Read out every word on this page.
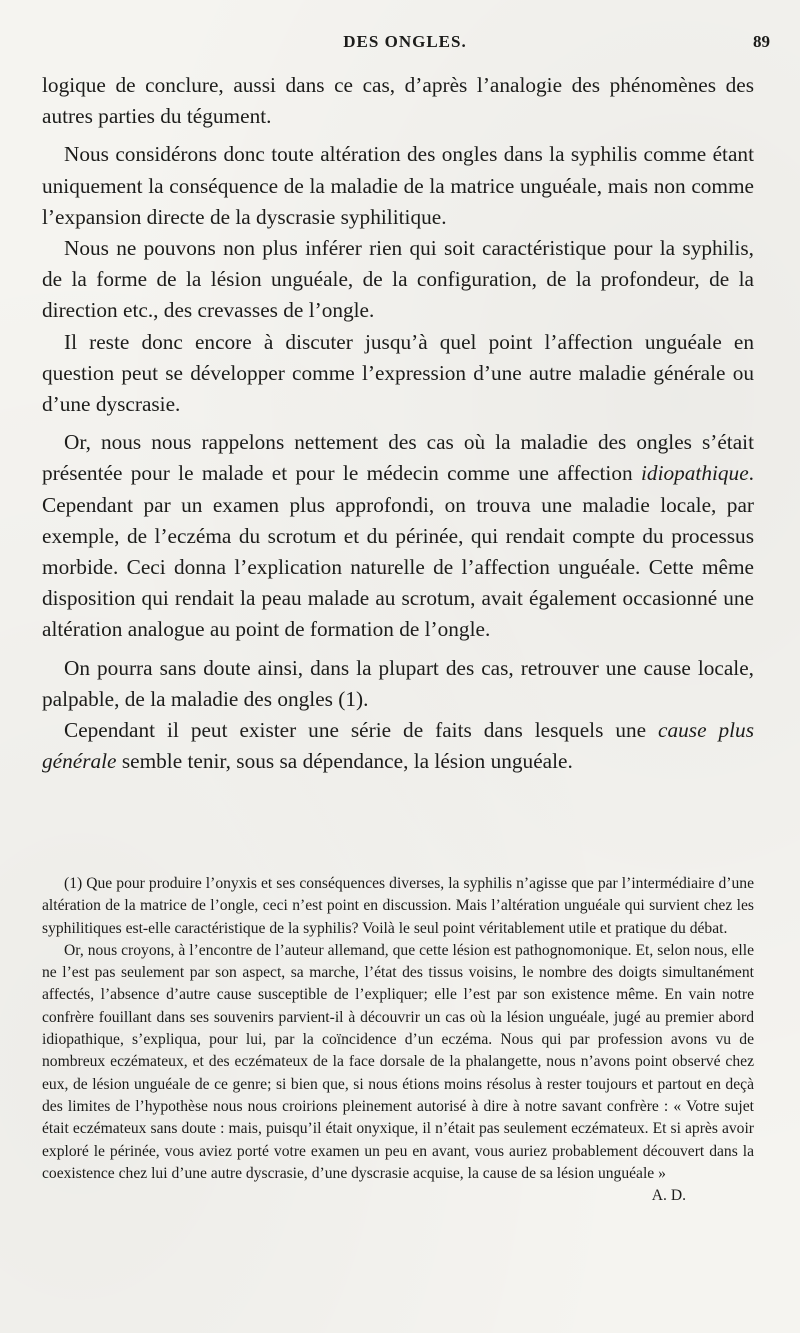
DES ONGLES.	89

logique de conclure, aussi dans ce cas, d’après l’analogie des phénomènes des autres parties du tégument.

Nous considérons donc toute altération des ongles dans la syphilis comme étant uniquement la conséquence de la maladie de la matrice unguéale, mais non comme l’expansion directe de la dyscrasie syphilitique.

Nous ne pouvons non plus inférer rien qui soit caractéristique pour la syphilis, de la forme de la lésion unguéale, de la configuration, de la profondeur, de la direction etc., des crevasses de l’ongle.

Il reste donc encore à discuter jusqu’à quel point l’affection unguéale en question peut se développer comme l’expression d’une autre maladie générale ou d’une dyscrasie.

Or, nous nous rappelons nettement des cas où la maladie des ongles s’était présentée pour le malade et pour le médecin comme une affection idiopathique. Cependant par un examen plus approfondi, on trouva une maladie locale, par exemple, de l’eczéma du scrotum et du périnée, qui rendait compte du processus morbide. Ceci donna l’explication naturelle de l’affection unguéale. Cette même disposition qui rendait la peau malade au scrotum, avait également occasionné une altération analogue au point de formation de l’ongle.

On pourra sans doute ainsi, dans la plupart des cas, retrouver une cause locale, palpable, de la maladie des ongles (1).

Cependant il peut exister une série de faits dans lesquels une cause plus générale semble tenir, sous sa dépendance, la lésion unguéale.

(1) Que pour produire l’onyxis et ses conséquences diverses, la syphilis n’agisse que par l’intermédiaire d’une altération de la matrice de l’ongle, ceci n’est point en discussion. Mais l’altération unguéale qui survient chez les syphilitiques est-elle caractéristique de la syphilis? Voilà le seul point véritablement utile et pratique du débat.

Or, nous croyons, à l’encontre de l’auteur allemand, que cette lésion est pathognomonique. Et, selon nous, elle ne l’est pas seulement par son aspect, sa marche, l’état des tissus voisins, le nombre des doigts simultanément affectés, l’absence d’autre cause susceptible de l’expliquer; elle l’est par son existence même. En vain notre confrère fouillant dans ses souvenirs parvient-il à découvrir un cas où la lésion unguéale, jugé au premier abord idiopathique, s’expliqua, pour lui, par la coïncidence d’un eczéma. Nous qui par profession avons vu de nombreux eczémateux, et des eczémateux de la face dorsale de la phalangette, nous n’avons point observé chez eux, de lésion unguéale de ce genre; si bien que, si nous étions moins résolus à rester toujours et partout en deçà des limites de l’hypothèse nous nous croirions pleinement autorisé à dire à notre savant confrère : « Votre sujet était eczémateux sans doute : mais, puisqu’il était onyxique, il n’était pas seulement eczémateux. Et si après avoir exploré le périnée, vous aviez porté votre examen un peu en avant, vous auriez probablement découvert dans la coexistence chez lui d’une autre dyscrasie, d’une dyscrasie acquise, la cause de sa lésion unguéale »
A. D.
